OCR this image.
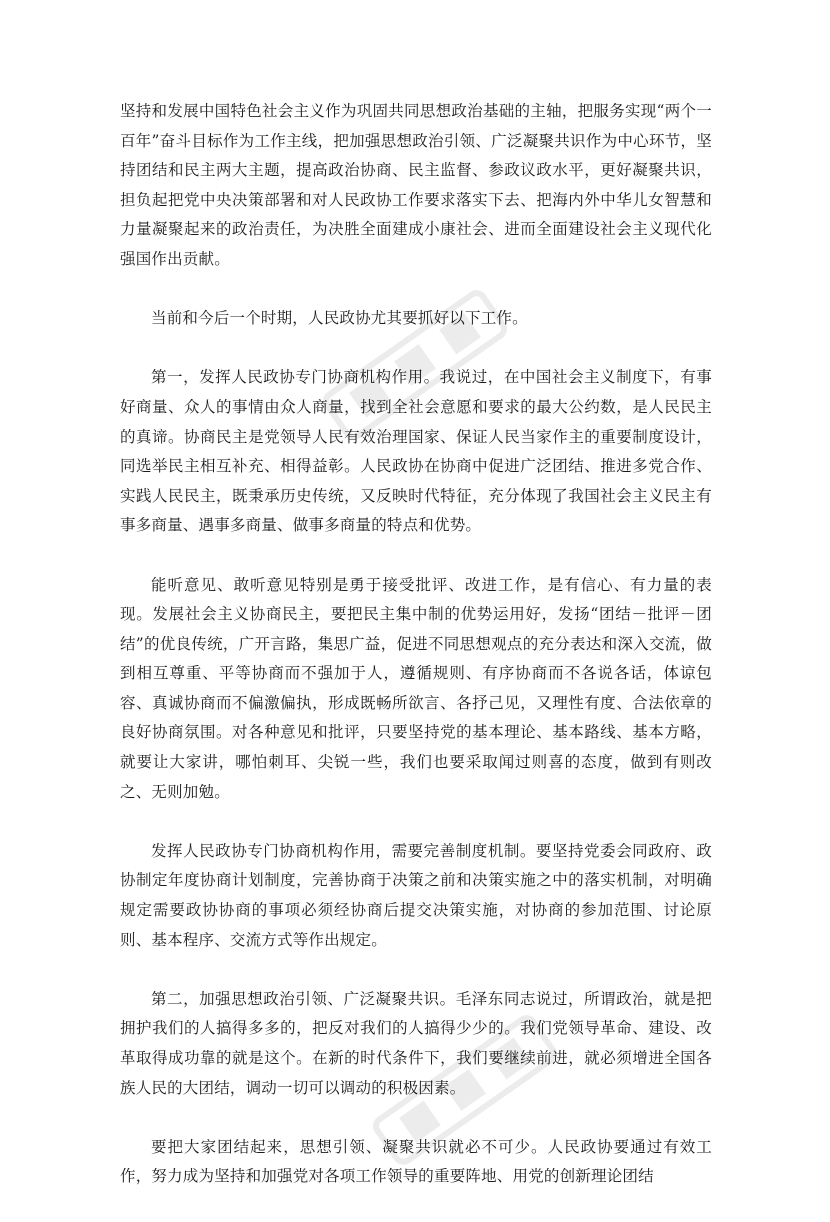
坚持和发展中国特色社会主义作为巩固共同思想政治基础的主轴，把服务实现“两个一百年”奋斗目标作为工作主线，把加强思想政治引领、广泛凝聚共识作为中心环节，坚持团结和民主两大主题，提高政治协商、民主监督、参政议政水平，更好凝聚共识，担负起把党中央决策部署和对人民政协工作要求落实下去、把海内外中华儿女智慧和力量凝聚起来的政治责任，为决胜全面建成小康社会、进而全面建设社会主义现代化强国作出贡献。

当前和今后一个时期，人民政协尤其要抓好以下工作。

第一，发挥人民政协专门协商机构作用。我说过，在中国社会主义制度下，有事好商量、众人的事情由众人商量，找到全社会意愿和要求的最大公约数，是人民民主的真谛。协商民主是党领导人民有效治理国家、保证人民当家作主的重要制度设计，同选举民主相互补充、相得益彰。人民政协在协商中促进广泛团结、推进多党合作、实践人民民主，既秉承历史传统，又反映时代特征，充分体现了我国社会主义民主有事多商量、遇事多商量、做事多商量的特点和优势。

能听意见、敢听意见特别是勇于接受批评、改进工作，是有信心、有力量的表现。发展社会主义协商民主，要把民主集中制的优势运用好，发扬“团结－批评－团结”的优良传统，广开言路，集思广益，促进不同思想观点的充分表达和深入交流，做到相互尊重、平等协商而不强加于人，遵循规则、有序协商而不各说各话，体谅包容、真诚协商而不偏激偏执，形成既畅所欲言、各抒己见，又理性有度、合法依章的良好协商氛围。对各种意见和批评，只要坚持党的基本理论、基本路线、基本方略，就要让大家讲，哪怕刺耳、尖锐一些，我们也要采取闻过则喜的态度，做到有则改之、无则加勉。

发挥人民政协专门协商机构作用，需要完善制度机制。要坚持党委会同政府、政协制定年度协商计划制度，完善协商于决策之前和决策实施之中的落实机制，对明确规定需要政协协商的事项必须经协商后提交决策实施，对协商的参加范围、讨论原则、基本程序、交流方式等作出规定。

第二，加强思想政治引领、广泛凝聚共识。毛泽东同志说过，所谓政治，就是把拥护我们的人搞得多多的，把反对我们的人搞得少少的。我们党领导革命、建设、改革取得成功靠的就是这个。在新的时代条件下，我们要继续前进，就必须增进全国各族人民的大团结，调动一切可以调动的积极因素。

要把大家团结起来，思想引领、凝聚共识就必不可少。人民政协要通过有效工作，努力成为坚持和加强党对各项工作领导的重要阵地、用党的创新理论团结
